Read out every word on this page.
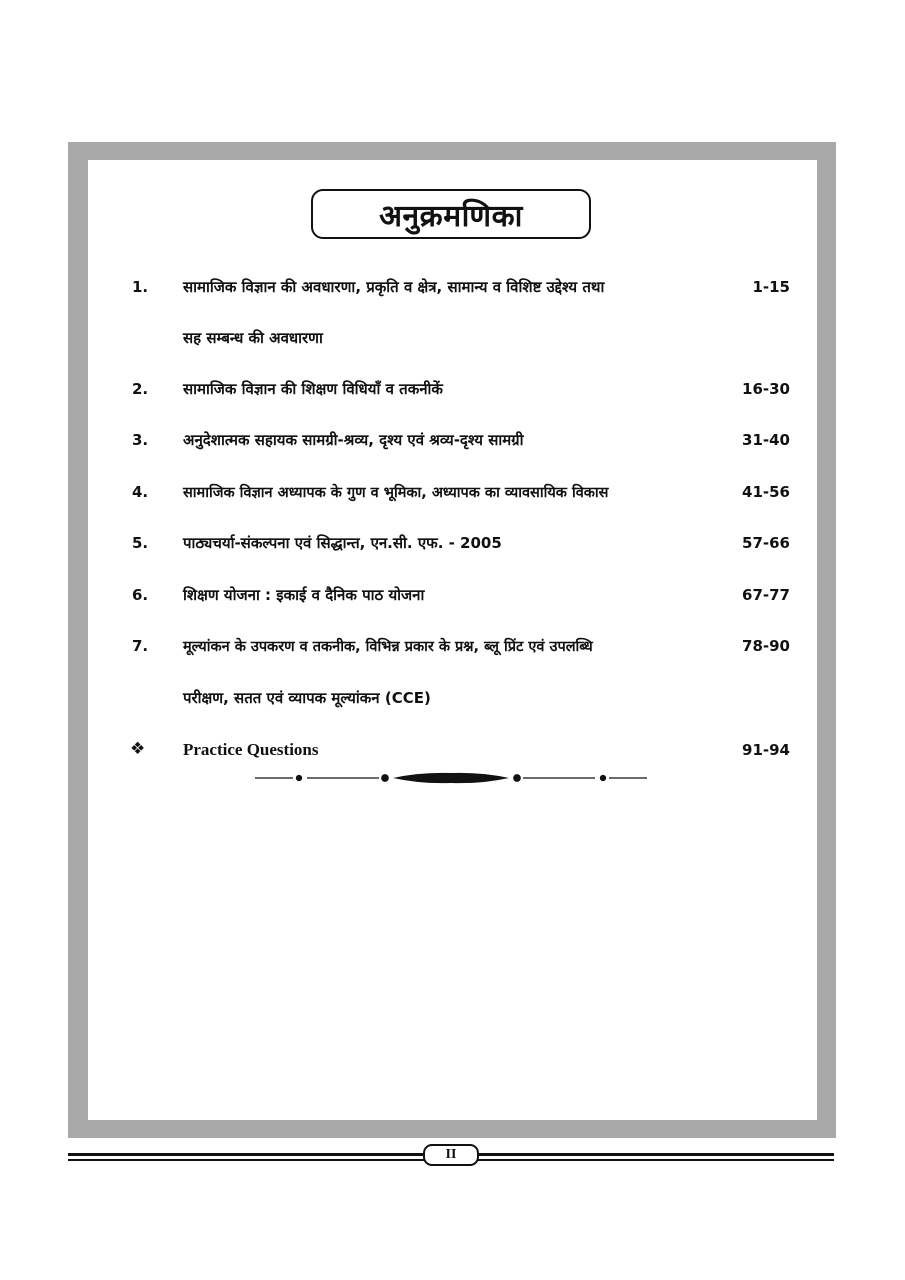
अनुक्रमणिका
1. सामाजिक विज्ञान की अवधारणा, प्रकृति व क्षेत्र, सामान्य व विशिष्ट उद्देश्य तथा	1-15
सह सम्बन्ध की अवधारणा
2. सामाजिक विज्ञान की शिक्षण विधियाँ व तकनीकें	16-30
3. अनुदेशात्मक सहायक सामग्री-श्रव्य, दृश्य एवं श्रव्य-दृश्य सामग्री	31-40
4. सामाजिक विज्ञान अध्यापक के गुण व भूमिका, अध्यापक का व्यावसायिक विकास	41-56
5. पाठ्यचर्या-संकल्पना एवं सिद्धान्त, एन.सी. एफ. - 2005	57-66
6. शिक्षण योजना : इकाई व दैनिक पाठ योजना	67-77
7. मूल्यांकन के उपकरण व तकनीक, विभिन्न प्रकार के प्रश्न, ब्लू प्रिंट एवं उपलब्धि	78-90
परीक्षण, सतत एवं व्यापक मूल्यांकन (CCE)
❖ Practice Questions	91-94
II
